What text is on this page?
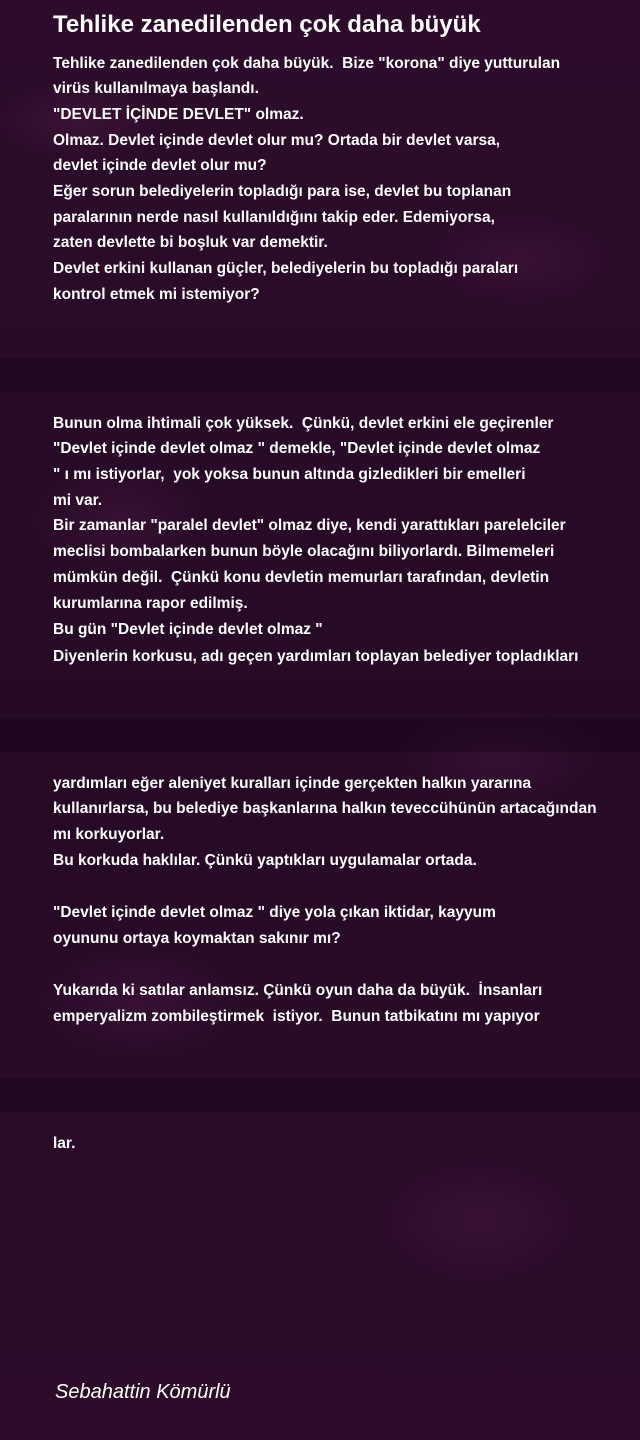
Tehlike zanedilenden çok daha büyük

Tehlike zanedilenden çok daha büyük.  Bize "korona" diye yutturulan

virüs kullanılmaya başlandı.

"DEVLET İÇİNDE DEVLET" olmaz.

Olmaz. Devlet içinde devlet olur mu? Ortada bir devlet varsa,

devlet içinde devlet olur mu?

Eğer sorun belediyelerin topladığı para ise, devlet bu toplanan

paralarının nerde nasıl kullanıldığını takip eder. Edemiyorsa,

zaten devlette bi boşluk var demektir.

Devlet erkini kullanan güçler, belediyelerin bu topladığı paraları

kontrol etmek mi istemiyor?

Bunun olma ihtimali çok yüksek.  Çünkü, devlet erkini ele geçirenler

"Devlet içinde devlet olmaz " demekle, "Devlet içinde devlet olmaz

" ı mı istiyorlar,  yok yoksa bunun altında gizledikleri bir emelleri

mi var.

Bir zamanlar "paralel devlet" olmaz diye, kendi yarattıkları parelelciler

meclisi bombalarken bunun böyle olacağını biliyorlardı. Bilmemeleri

mümkün değil.  Çünkü konu devletin memurları tarafından, devletin

kurumlarına rapor edilmiş.

Bu gün "Devlet içinde devlet olmaz "

Diyenlerin korkusu, adı geçen yardımları toplayan belediyer topladıkları

yardımları eğer aleniyet kuralları içinde gerçekten halkın yararına

kullanırlarsa, bu belediye başkanlarına halkın teveccühünün artacağından

mı korkuyorlar.

Bu korkuda haklılar. Çünkü yaptıkları uygulamalar ortada.

"Devlet içinde devlet olmaz " diye yola çıkan iktidar, kayyum

oyununu ortaya koymaktan sakınır mı?

Yukarıda ki satılar anlamsız. Çünkü oyun daha da büyük.  İnsanları

emperyalizm zombileştirmek  istiyor.  Bunun tatbikatını mı yapıyor

lar.

Sebahattin Kömürlü
